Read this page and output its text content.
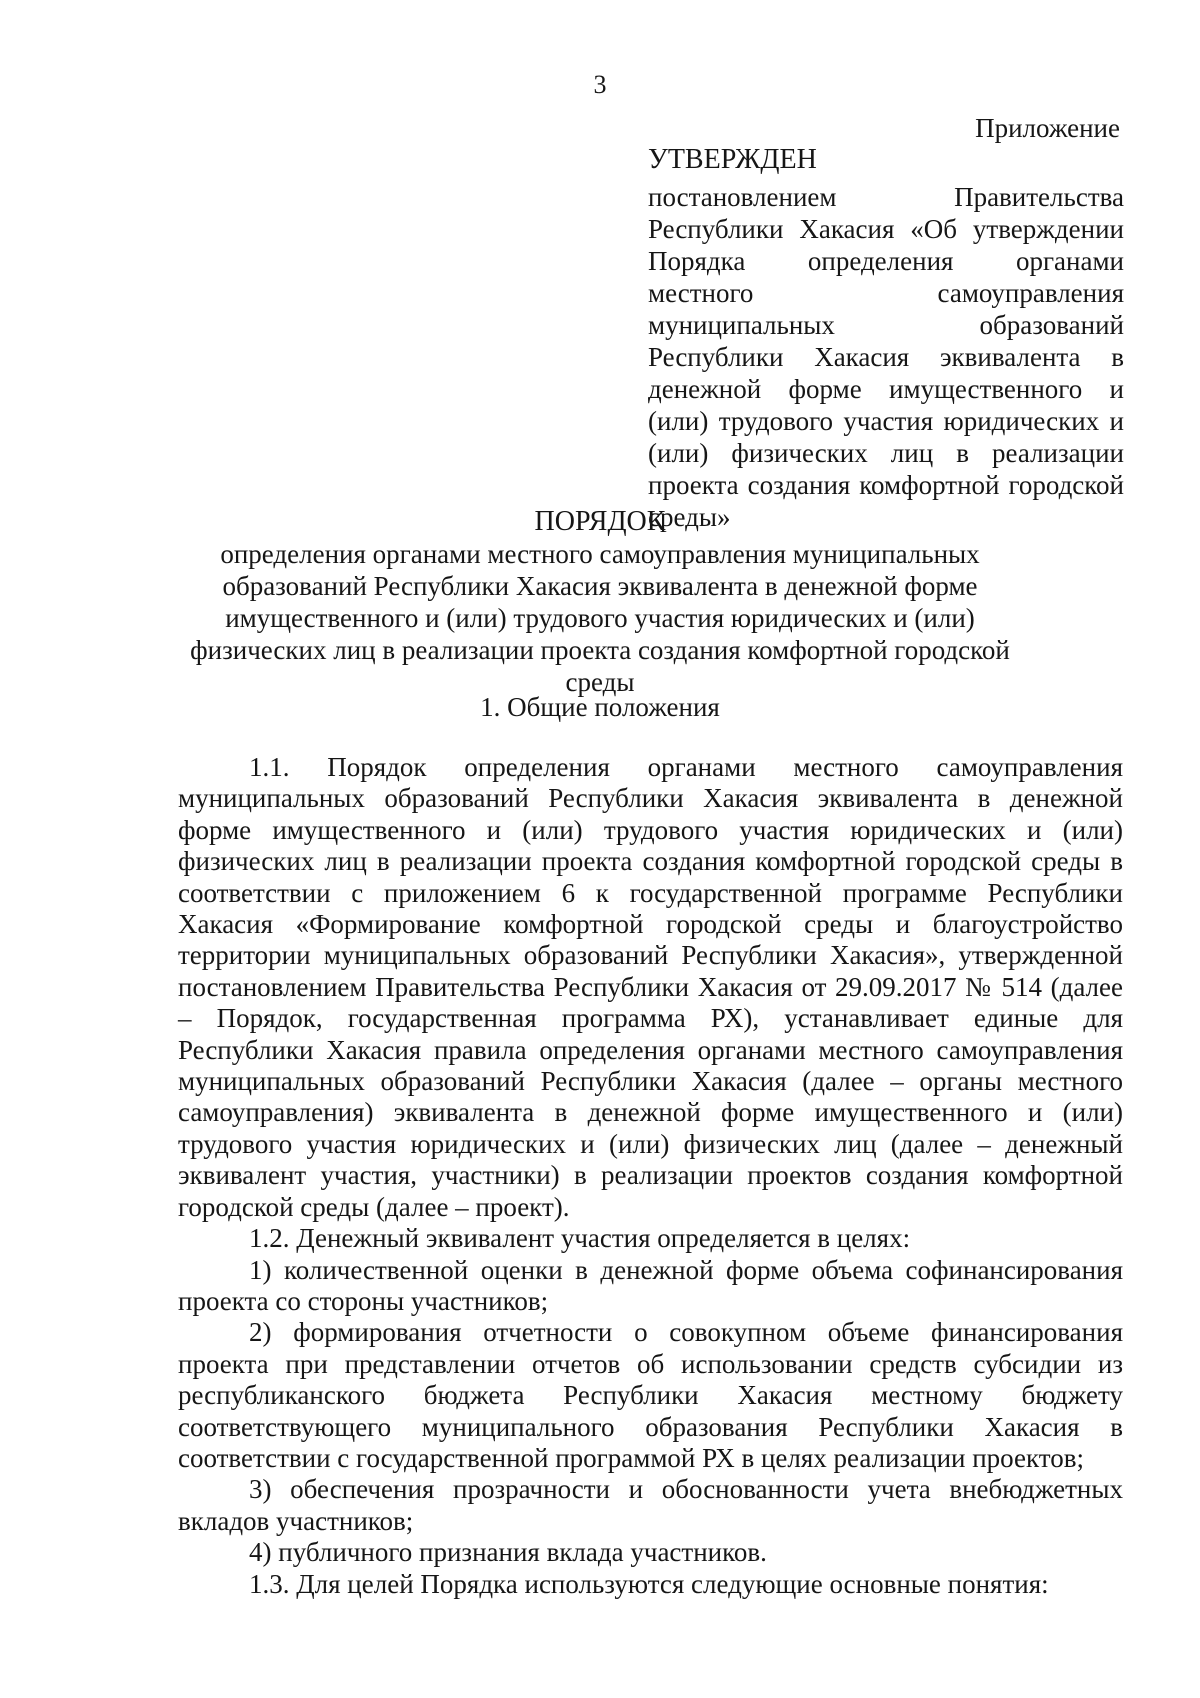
3
Приложение
УТВЕРЖДЕН

постановлением Правительства Республики Хакасия «Об утверждении Порядка определения органами местного самоуправления муниципальных образований Республики Хакасия эквивалента в денежной форме имущественного и (или) трудового участия юридических и (или) физических лиц в реализации проекта создания комфортной городской среды»

ПОРЯДОК
определения органами местного самоуправления муниципальных образований Республики Хакасия эквивалента в денежной форме имущественного и (или) трудового участия юридических и (или) физических лиц в реализации проекта создания комфортной городской среды
1. Общие положения

1.1. Порядок определения органами местного самоуправления муниципальных образований Республики Хакасия эквивалента в денежной форме имущественного и (или) трудового участия юридических и (или) физических лиц в реализации проекта создания комфортной городской среды в соответствии с приложением 6 к государственной программе Республики Хакасия «Формирование комфортной городской среды и благоустройство территории муниципальных образований Республики Хакасия», утвержденной постановлением Правительства Республики Хакасия от 29.09.2017 № 514 (далее – Порядок, государственная программа РХ), устанавливает единые для Республики Хакасия правила определения органами местного самоуправления муниципальных образований Республики Хакасия (далее – органы местного самоуправления) эквивалента в денежной форме имущественного и (или) трудового участия юридических и (или) физических лиц (далее – денежный эквивалент участия, участники) в реализации проектов создания комфортной городской среды (далее – проект).

1.2. Денежный эквивалент участия определяется в целях:

1) количественной оценки в денежной форме объема софинансирования проекта со стороны участников;

2) формирования отчетности о совокупном объеме финансирования проекта при представлении отчетов об использовании средств субсидии из республиканского бюджета Республики Хакасия местному бюджету соответствующего муниципального образования Республики Хакасия в соответствии с государственной программой РХ в целях реализации проектов;

3) обеспечения прозрачности и обоснованности учета внебюджетных вкладов участников;

4) публичного признания вклада участников.

1.3. Для целей Порядка используются следующие основные понятия:
